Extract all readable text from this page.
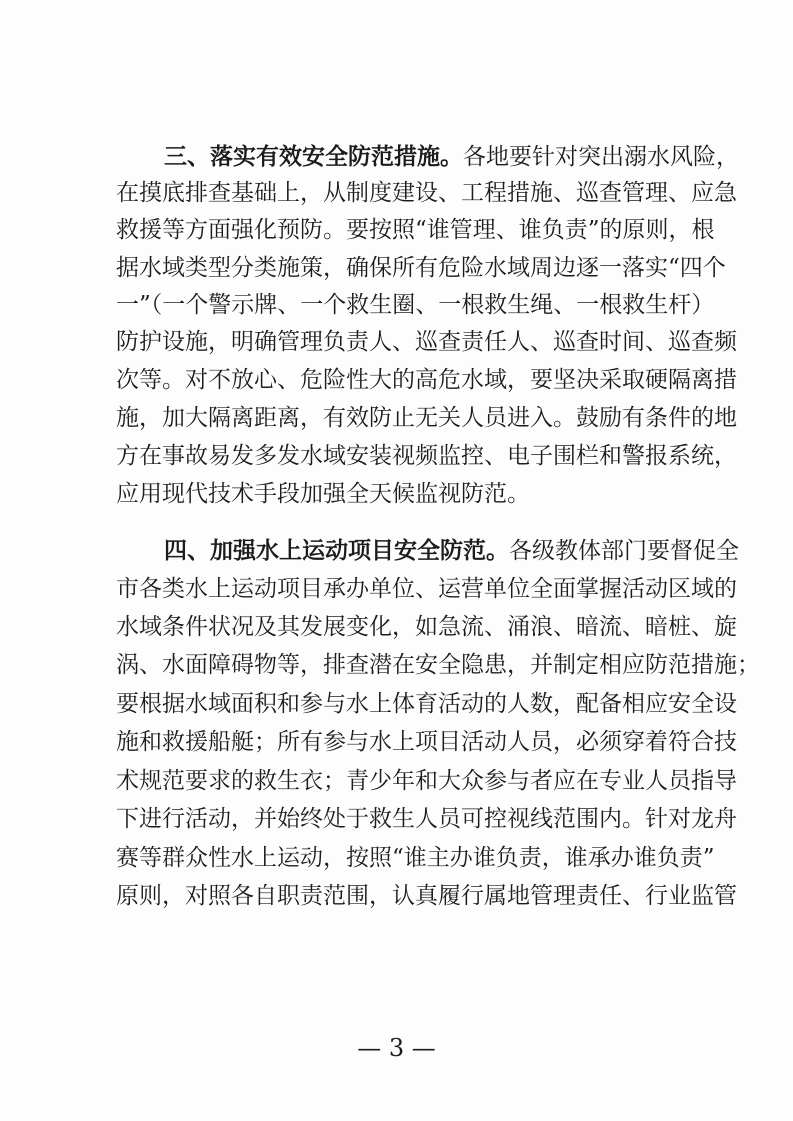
三、落实有效安全防范措施。各地要针对突出溺水风险，
在摸底排查基础上，从制度建设、工程措施、巡查管理、应急
救援等方面强化预防。要按照“谁管理、谁负责”的原则，根
据水域类型分类施策，确保所有危险水域周边逐一落实“四个
一”（一个警示牌、一个救生圈、一根救生绳、一根救生杆）
防护设施，明确管理负责人、巡查责任人、巡查时间、巡查频
次等。对不放心、危险性大的高危水域，要坚决采取硬隔离措
施，加大隔离距离，有效防止无关人员进入。鼓励有条件的地
方在事故易发多发水域安装视频监控、电子围栏和警报系统，
应用现代技术手段加强全天候监视防范。
四、加强水上运动项目安全防范。各级教体部门要督促全
市各类水上运动项目承办单位、运营单位全面掌握活动区域的
水域条件状况及其发展变化，如急流、涌浪、暗流、暗桩、旋
涡、水面障碍物等，排查潜在安全隐患，并制定相应防范措施；
要根据水域面积和参与水上体育活动的人数，配备相应安全设
施和救援船艇；所有参与水上项目活动人员，必须穿着符合技
术规范要求的救生衣；青少年和大众参与者应在专业人员指导
下进行活动，并始终处于救生人员可控视线范围内。针对龙舟
赛等群众性水上运动，按照“谁主办谁负责，谁承办谁负责”
原则，对照各自职责范围，认真履行属地管理责任、行业监管
— 3 —
